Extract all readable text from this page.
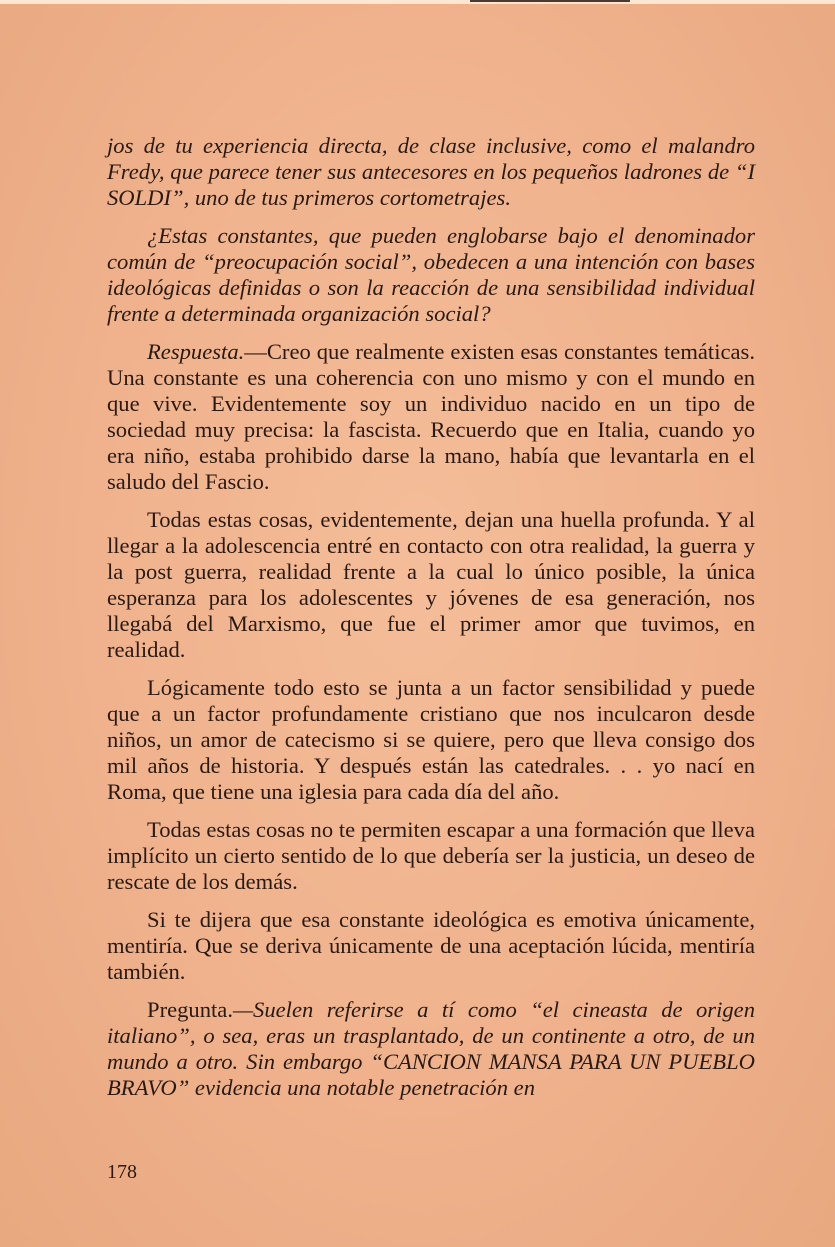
jos de tu experiencia directa, de clase inclusive, como el malandro Fredy, que parece tener sus antecesores en los pequeños ladrones de “I SOLDI”, uno de tus primeros cortometrajes.

¿Estas constantes, que pueden englobarse bajo el denominador común de “preocupación social”, obedecen a una intención con bases ideológicas definidas o son la reacción de una sensibilidad individual frente a determinada organización social?

Respuesta.—Creo que realmente existen esas constantes temáticas. Una constante es una coherencia con uno mismo y con el mundo en que vive. Evidentemente soy un individuo nacido en un tipo de sociedad muy precisa: la fascista. Recuerdo que en Italia, cuando yo era niño, estaba prohibido darse la mano, había que levantarla en el saludo del Fascio.

Todas estas cosas, evidentemente, dejan una huella profunda. Y al llegar a la adolescencia entré en contacto con otra realidad, la guerra y la post guerra, realidad frente a la cual lo único posible, la única esperanza para los adolescentes y jóvenes de esa generación, nos llegabá del Marxismo, que fue el primer amor que tuvimos, en realidad.

Lógicamente todo esto se junta a un factor sensibilidad y puede que a un factor profundamente cristiano que nos inculcaron desde niños, un amor de catecismo si se quiere, pero que lleva consigo dos mil años de historia. Y después están las catedrales. . . yo nací en Roma, que tiene una iglesia para cada día del año.

Todas estas cosas no te permiten escapar a una formación que lleva implícito un cierto sentido de lo que debería ser la justicia, un deseo de rescate de los demás.

Si te dijera que esa constante ideológica es emotiva únicamente, mentiría. Que se deriva únicamente de una aceptación lúcida, mentiría también.

Pregunta.—Suelen referirse a tí como “el cineasta de origen italiano”, o sea, eras un trasplantado, de un continente a otro, de un mundo a otro. Sin embargo “CANCION MANSA PARA UN PUEBLO BRAVO” evidencia una notable penetración en

178
